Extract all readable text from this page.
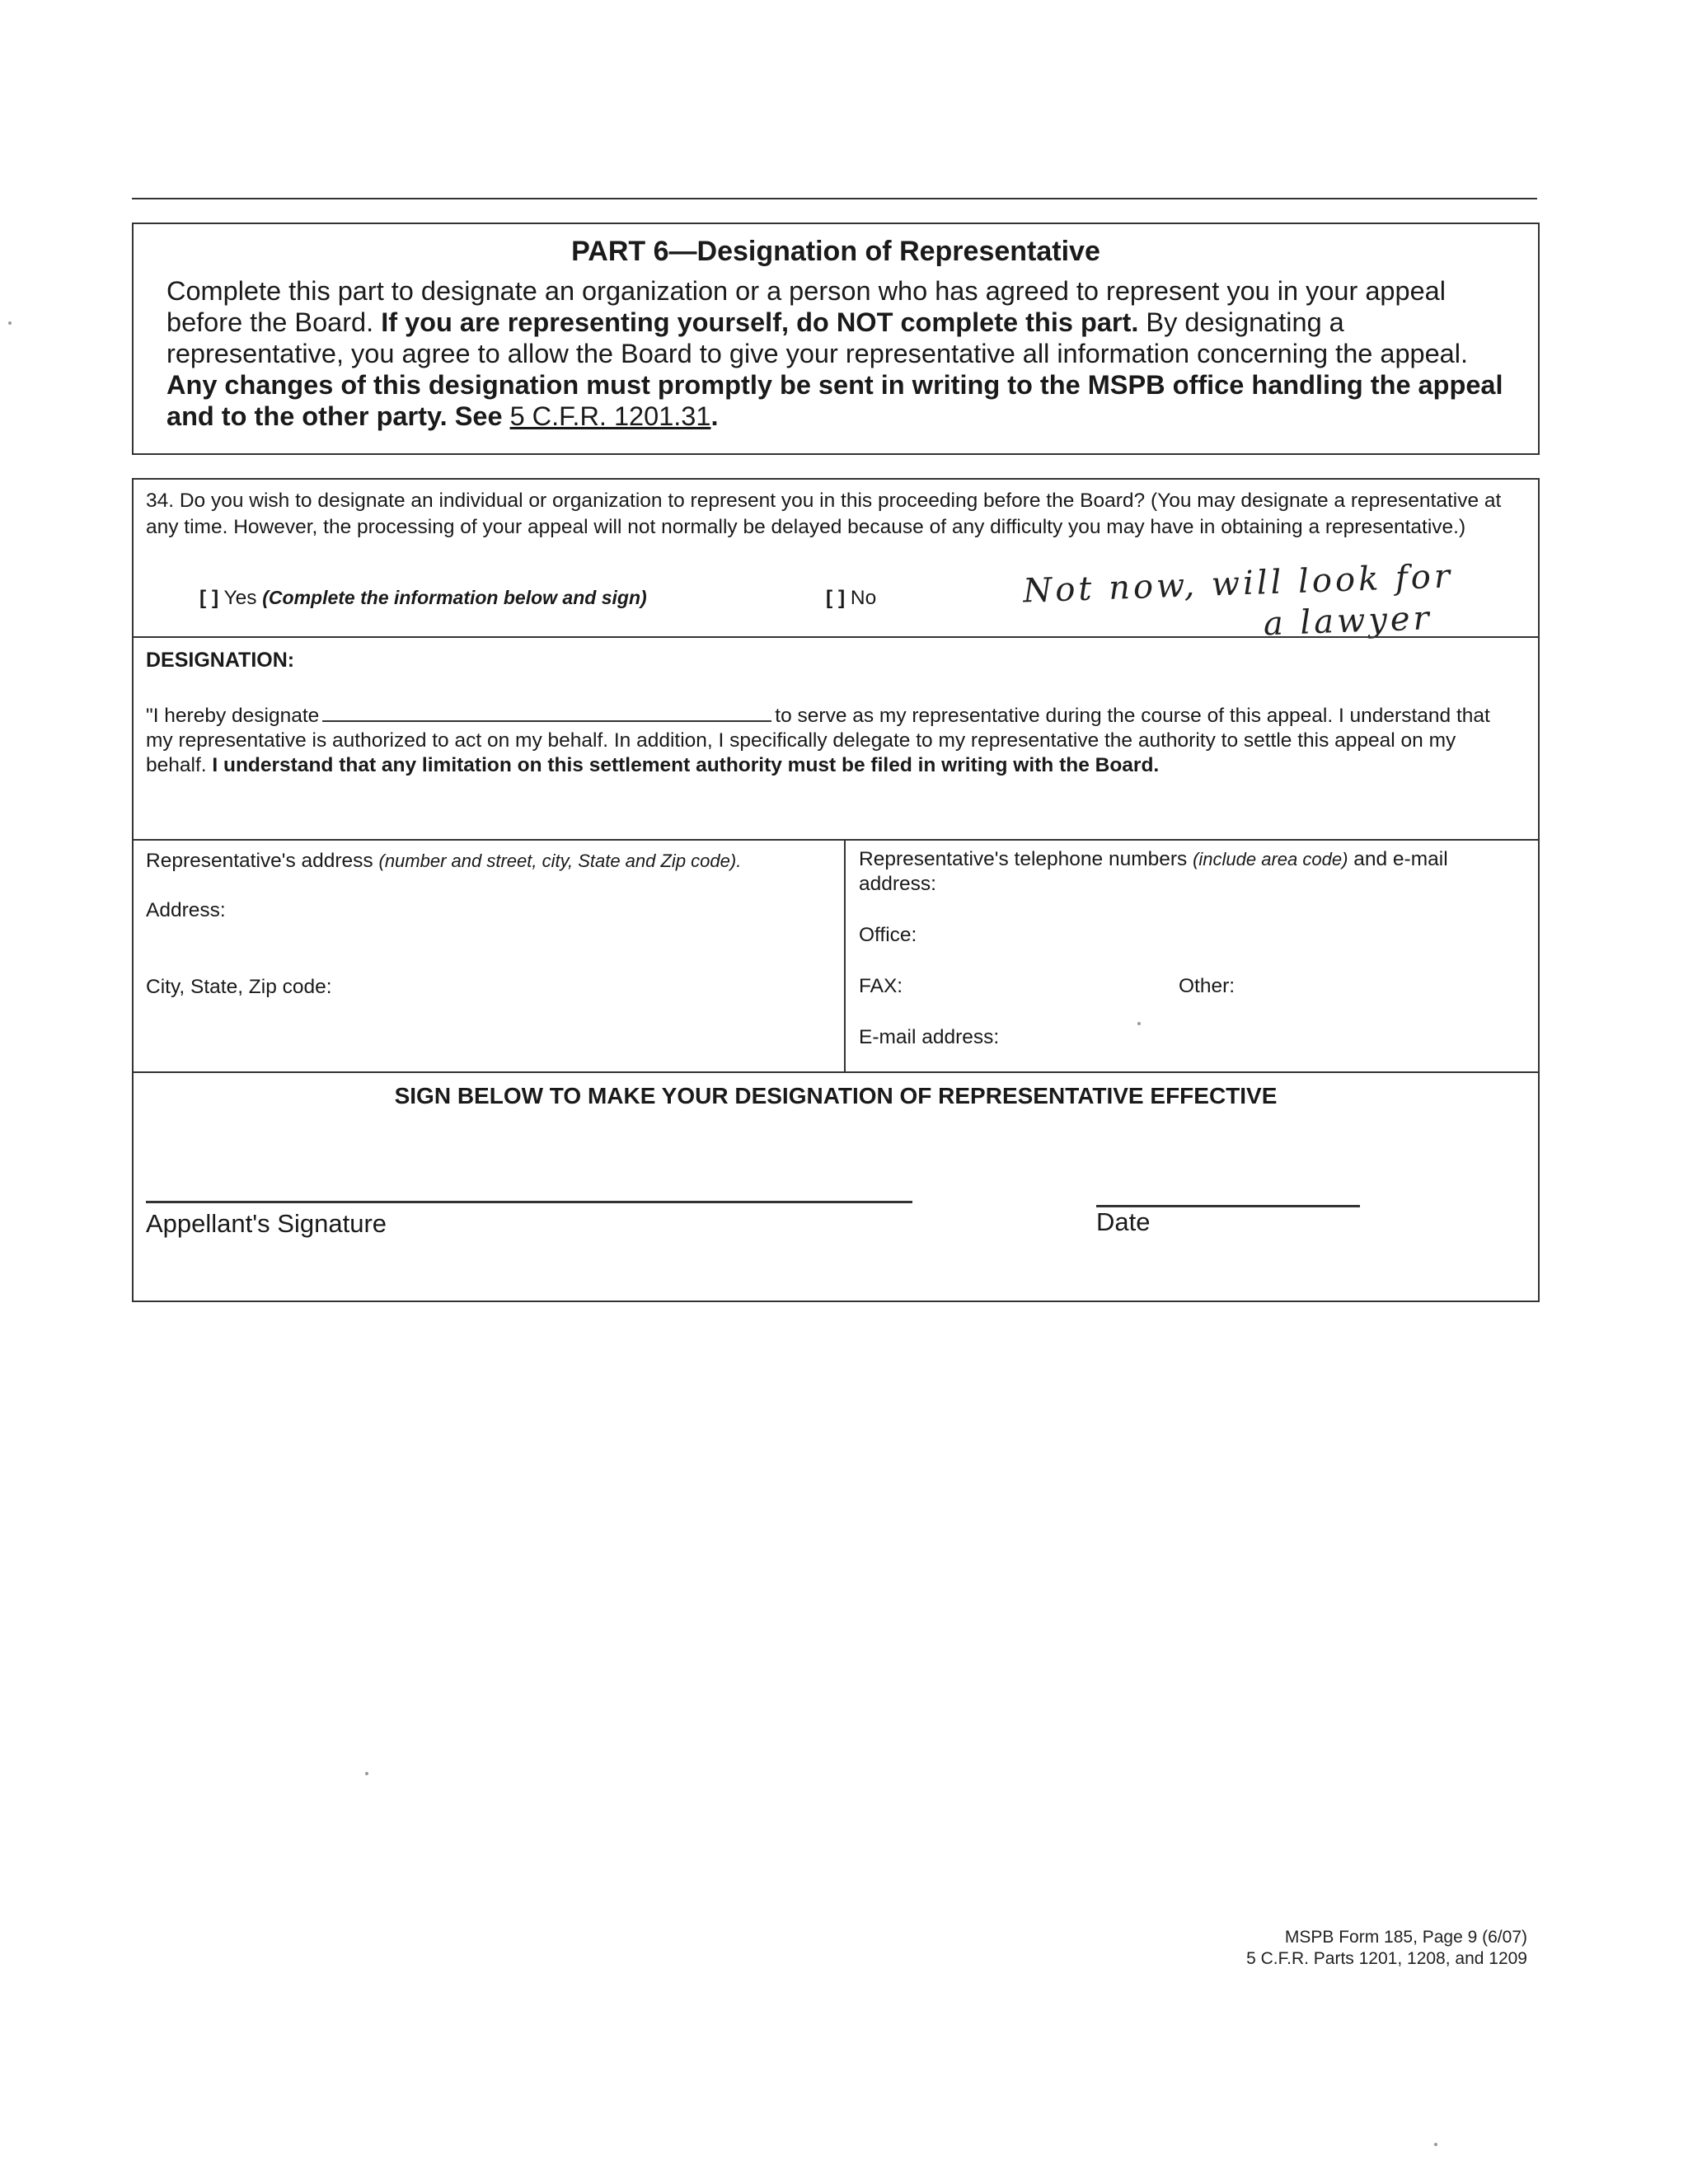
PART 6—Designation of Representative
Complete this part to designate an organization or a person who has agreed to represent you in your appeal before the Board. If you are representing yourself, do NOT complete this part. By designating a representative, you agree to allow the Board to give your representative all information concerning the appeal. Any changes of this designation must promptly be sent in writing to the MSPB office handling the appeal and to the other party. See 5 C.F.R. 1201.31.
34. Do you wish to designate an individual or organization to represent you in this proceeding before the Board? (You may designate a representative at any time. However, the processing of your appeal will not normally be delayed because of any difficulty you may have in obtaining a representative.)
[ ] Yes (Complete the information below and sign)	[ ] No	Not now, will look for
a lawyer
DESIGNATION:
"I hereby designate	to serve as my representative during the course of this appeal. I understand that my representative is authorized to act on my behalf. In addition, I specifically delegate to my representative the authority to settle this appeal on my behalf. I understand that any limitation on this settlement authority must be filed in writing with the Board.
Representative's address (number and street, city, State and Zip code).
Address:
City, State, Zip code:
Representative's telephone numbers (include area code) and e-mail address:
Office:
FAX:	Other:
E-mail address:
SIGN BELOW TO MAKE YOUR DESIGNATION OF REPRESENTATIVE EFFECTIVE
Appellant's Signature	Date
MSPB Form 185, Page 9 (6/07)
5 C.F.R. Parts 1201, 1208, and 1209
